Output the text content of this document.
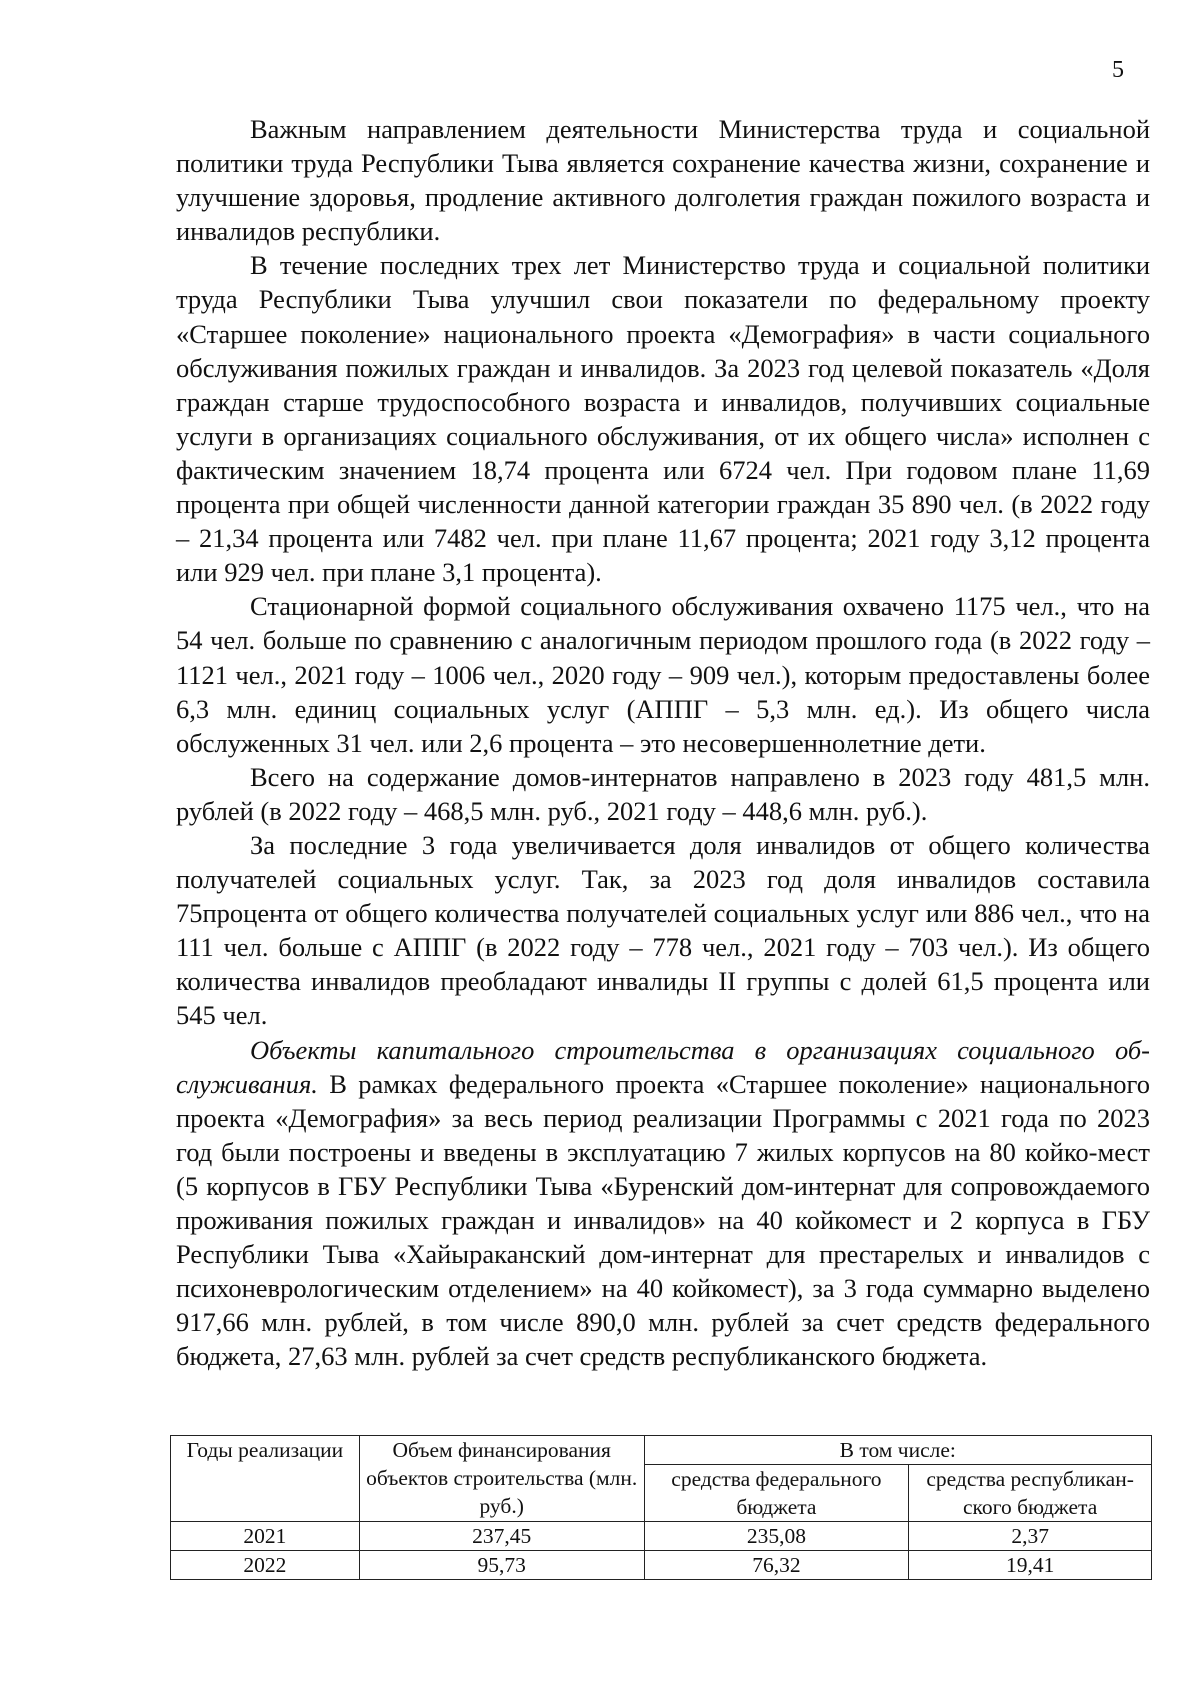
5

Важным направлением деятельности Министерства труда и социальной политики труда Республики Тыва является сохранение качества жизни, сохранение и улучшение здоровья, продление активного долголетия граждан пожилого возраста и инвалидов республики.

В течение последних трех лет Министерство труда и социальной политики труда Республики Тыва улучшил свои показатели по федеральному проекту «Старшее поколение» национального проекта «Демография» в части социального обслуживания пожилых граждан и инвалидов. За 2023 год целевой показатель «Доля граждан старше трудоспособного возраста и инвалидов, получивших социальные услуги в организациях социального обслуживания, от их общего числа» исполнен с фактическим значением 18,74 процента или 6724 чел. При годовом плане 11,69 процента при общей численности данной категории граждан 35 890 чел. (в 2022 году – 21,34 процента или 7482 чел. при плане 11,67 процента; 2021 году 3,12 процента или 929 чел. при плане 3,1 процента).

Стационарной формой социального обслуживания охвачено 1175 чел., что на 54 чел. больше по сравнению с аналогичным периодом прошлого года (в 2022 году – 1121 чел., 2021 году – 1006 чел., 2020 году – 909 чел.), которым предоставлены более 6,3 млн. единиц социальных услуг (АППГ – 5,3 млн. ед.). Из общего числа обслуженных 31 чел. или 2,6 процента – это несовершеннолетние дети.

Всего на содержание домов-интернатов направлено в 2023 году 481,5 млн. рублей (в 2022 году – 468,5 млн. руб., 2021 году – 448,6 млн. руб.).

За последние 3 года увеличивается доля инвалидов от общего количества получателей социальных услуг. Так, за 2023 год доля инвалидов составила 75процента от общего количества получателей социальных услуг или 886 чел., что на 111 чел. больше с АППГ (в 2022 году – 778 чел., 2021 году – 703 чел.). Из общего количества инвалидов преобладают инвалиды II группы с долей 61,5 процента или 545 чел.

Объекты капитального строительства в организациях социального обслуживания. В рамках федерального проекта «Старшее поколение» национального проекта «Демография» за весь период реализации Программы с 2021 года по 2023 год были построены и введены в эксплуатацию 7 жилых корпусов на 80 койко-мест (5 корпусов в ГБУ Республики Тыва «Буренский дом-интернат для сопровождаемого проживания пожилых граждан и инвалидов» на 40 койкомест и 2 корпуса в ГБУ Республики Тыва «Хайыраканский дом-интернат для престарелых и инвалидов с психоневрологическим отделением» на 40 койкомест), за 3 года суммарно выделено 917,66 млн. рублей, в том числе 890,0 млн. рублей за счет средств федерального бюджета, 27,63 млн. рублей за счет средств республиканского бюджета.

Годы реализации	Объем финансирования объектов строительства (млн. руб.)	В том числе:	
		средства федерального бюджета	средства республиканского бюджета
2021	237,45	235,08	2,37
2022	95,73	76,32	19,41
